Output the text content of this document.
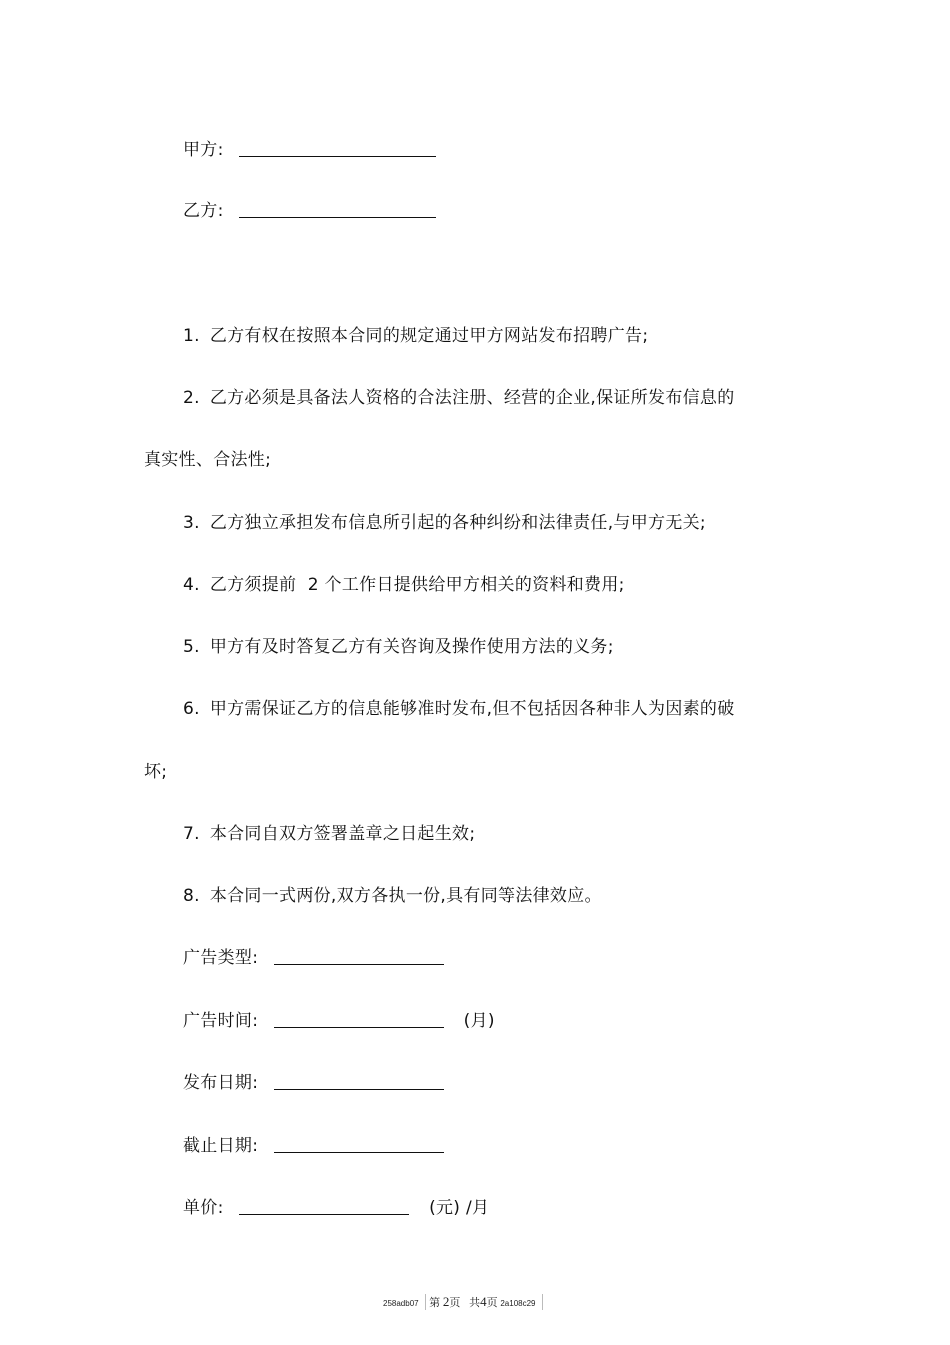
甲方:
乙方:
1. 乙方有权在按照本合同的规定通过甲方网站发布招聘广告;
2. 乙方必须是具备法人资格的合法注册、经营的企业,保证所发布信息的
真实性、合法性;
3. 乙方独立承担发布信息所引起的各种纠纷和法律责任,与甲方无关;
4. 乙方须提前  2 个工作日提供给甲方相关的资料和费用;
5. 甲方有及时答复乙方有关咨询及操作使用方法的义务;
6. 甲方需保证乙方的信息能够准时发布,但不包括因各种非人为因素的破
坏;
7. 本合同自双方签署盖章之日起生效;
8. 本合同一式两份,双方各执一份,具有同等法律效应。
广告类型:
广告时间:	(月)
发布日期:
截止日期:
单价:	(元) /月
258adb07 第 2页 共4页 2a108c29
